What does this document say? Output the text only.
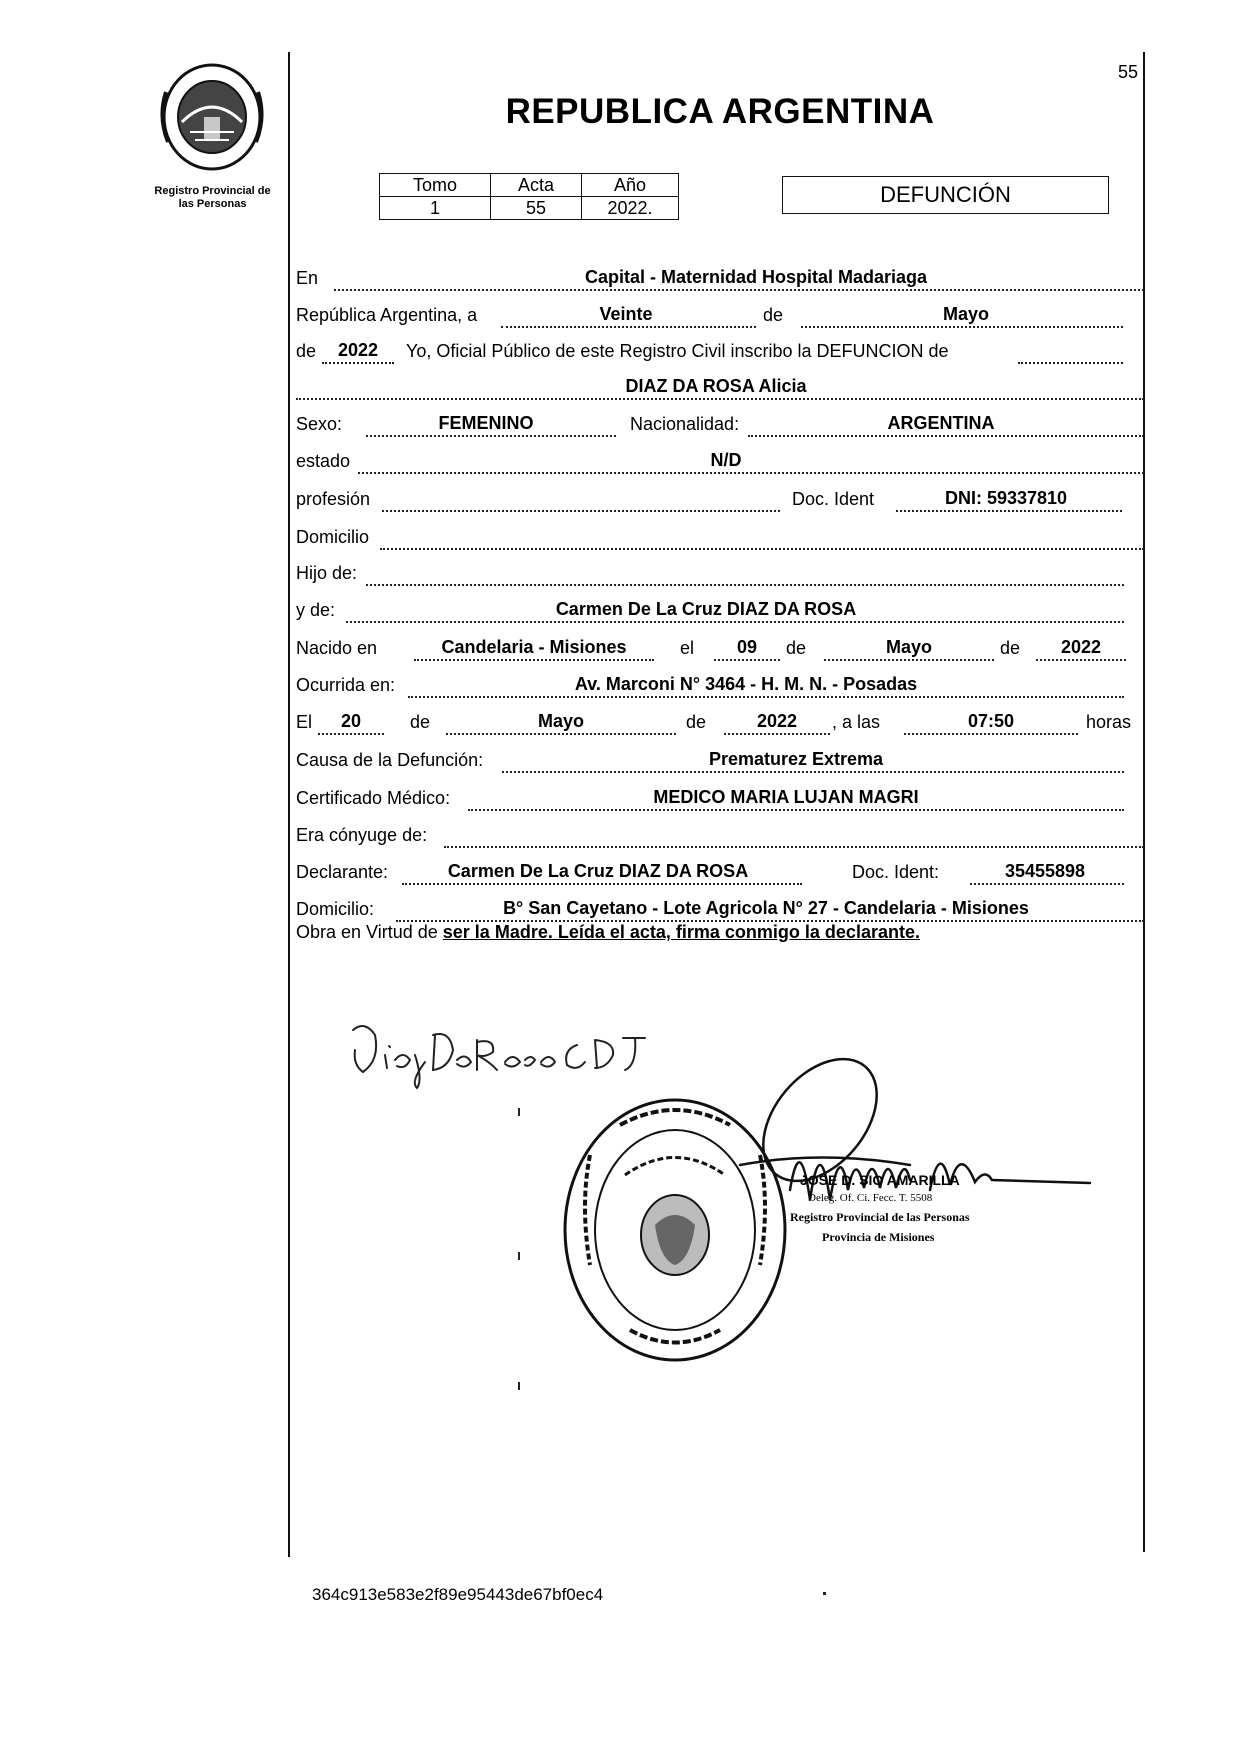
Registro Provincial de
las Personas
55
REPUBLICA ARGENTINA
Tomo	Acta	Año
1	55	2022.
DEFUNCIÓN
En	Capital - Maternidad Hospital Madariaga
República Argentina, a	Veinte	de	Mayo
de	2022	Yo, Oficial Público de este Registro Civil inscribo la DEFUNCION de
DIAZ DA ROSA Alicia
Sexo:	FEMENINO	Nacionalidad:	ARGENTINA
estado	N/D
profesión	Doc. Ident	DNI: 59337810
Domicilio
Hijo de:
y de:	Carmen De La Cruz DIAZ DA ROSA
Nacido en	Candelaria - Misiones	el	09	de	Mayo	de	2022
Ocurrida en:	Av. Marconi N° 3464 - H. M. N. - Posadas
El	20	de	Mayo	de	2022	, a las	07:50	horas
Causa de la Defunción:	Prematurez Extrema
Certificado Médico:	MEDICO MARIA LUJAN MAGRI
Era cónyuge de:
Declarante:	Carmen De La Cruz DIAZ DA ROSA	Doc. Ident:	35455898
Domicilio:	B° San Cayetano - Lote Agricola N° 27 - Candelaria - Misiones
Obra en Virtud de ser la Madre. Leída el acta, firma conmigo la declarante.
JOSE D. SIO AMARILLA
Deleg. Of. Ci. Fecc. T. 5508
Registro Provincial de las Personas
Provincia de Misiones
364c913e583e2f89e95443de67bf0ec4
